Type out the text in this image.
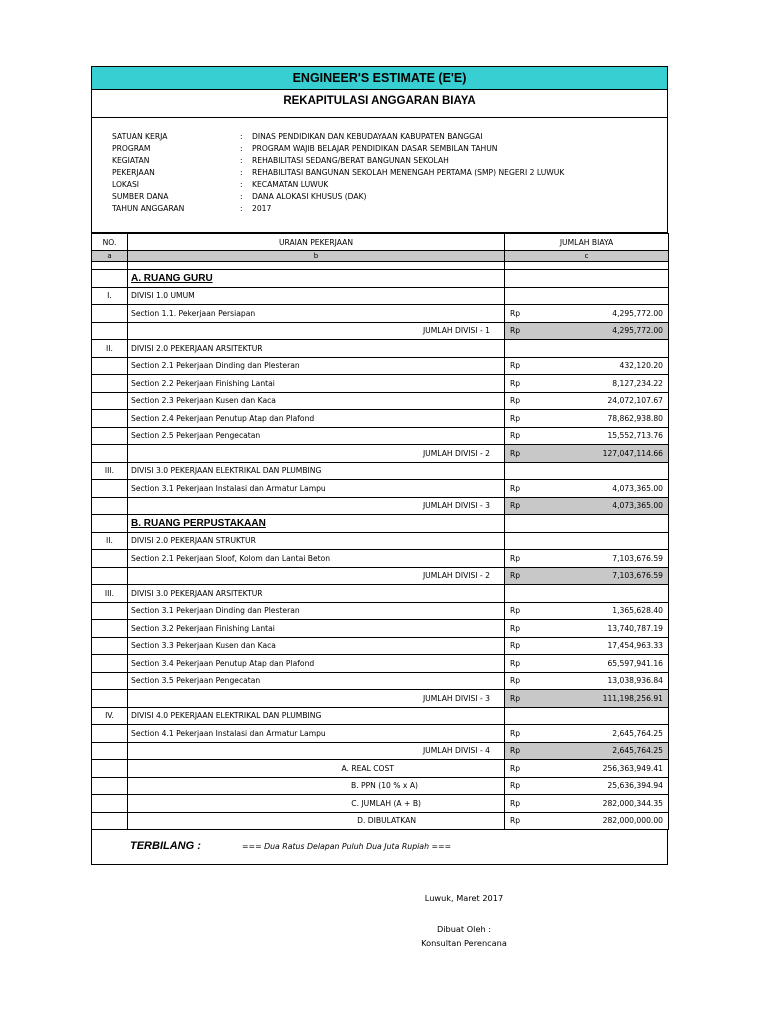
ENGINEER'S ESTIMATE (E'E)
REKAPITULASI ANGGARAN BIAYA
SATUAN KERJA	: DINAS PENDIDIKAN DAN KEBUDAYAAN KABUPATEN BANGGAI
PROGRAM	: PROGRAM WAJIB BELAJAR PENDIDIKAN DASAR SEMBILAN TAHUN
KEGIATAN	: REHABILITASI SEDANG/BERAT BANGUNAN SEKOLAH
PEKERJAAN	: REHABILITASI BANGUNAN SEKOLAH MENENGAH PERTAMA (SMP) NEGERI 2 LUWUK
LOKASI	: KECAMATAN LUWUK
SUMBER DANA	: DANA ALOKASI KHUSUS (DAK)
TAHUN ANGGARAN	: 2017
NO.	URAIAN PEKERJAAN	JUMLAH BIAYA
a	b	c

	A. RUANG GURU	
I.	DIVISI 1.0 UMUM	
	Section 1.1. Pekerjaan Persiapan	Rp 4,295,772.00

	JUMLAH DIVISI - 1	Rp 4,295,772.00

II.	DIVISI 2.0 PEKERJAAN ARSITEKTUR	
	Section 2.1 Pekerjaan Dinding dan Plesteran	Rp 432,120.20

	Section 2.2 Pekerjaan Finishing Lantai	Rp 8,127,234.22

	Section 2.3 Pekerjaan Kusen dan Kaca	Rp 24,072,107.67

	Section 2.4 Pekerjaan Penutup Atap dan Plafond	Rp 78,862,938.80

	Section 2.5 Pekerjaan Pengecatan	Rp 15,552,713.76

	JUMLAH DIVISI - 2	Rp 127,047,114.66

III.	DIVISI 3.0 PEKERJAAN ELEKTRIKAL DAN PLUMBING	
	Section 3.1 Pekerjaan Instalasi dan Armatur Lampu	Rp 4,073,365.00

	JUMLAH DIVISI - 3	Rp 4,073,365.00

	B. RUANG PERPUSTAKAAN	
II.	DIVISI 2.0 PEKERJAAN STRUKTUR	
	Section 2.1 Pekerjaan Sloof, Kolom dan Lantai Beton	Rp 7,103,676.59

	JUMLAH DIVISI - 2	Rp 7,103,676.59

III.	DIVISI 3.0 PEKERJAAN ARSITEKTUR	
	Section 3.1 Pekerjaan Dinding dan Plesteran	Rp 1,365,628.40

	Section 3.2 Pekerjaan Finishing Lantai	Rp 13,740,787.19

	Section 3.3 Pekerjaan Kusen dan Kaca	Rp 17,454,963.33

	Section 3.4 Pekerjaan Penutup Atap dan Plafond	Rp 65,597,941.16

	Section 3.5 Pekerjaan Pengecatan	Rp 13,038,936.84

	JUMLAH DIVISI - 3	Rp 111,198,256.91

IV.	DIVISI 4.0 PEKERJAAN ELEKTRIKAL DAN PLUMBING	
	Section 4.1 Pekerjaan Instalasi dan Armatur Lampu	Rp 2,645,764.25

	JUMLAH DIVISI - 4	Rp 2,645,764.25

	A. REAL COST	Rp 256,363,949.41

	B. PPN (10 % x A)	Rp 25,636,394.94

	C. JUMLAH (A + B)	Rp 282,000,344.35

	D. DIBULATKAN	Rp 282,000,000.00
TERBILANG :	=== Dua Ratus Delapan Puluh Dua Juta Rupiah ===
Luwuk, Maret 2017
Dibuat Oleh :
Konsultan Perencana
